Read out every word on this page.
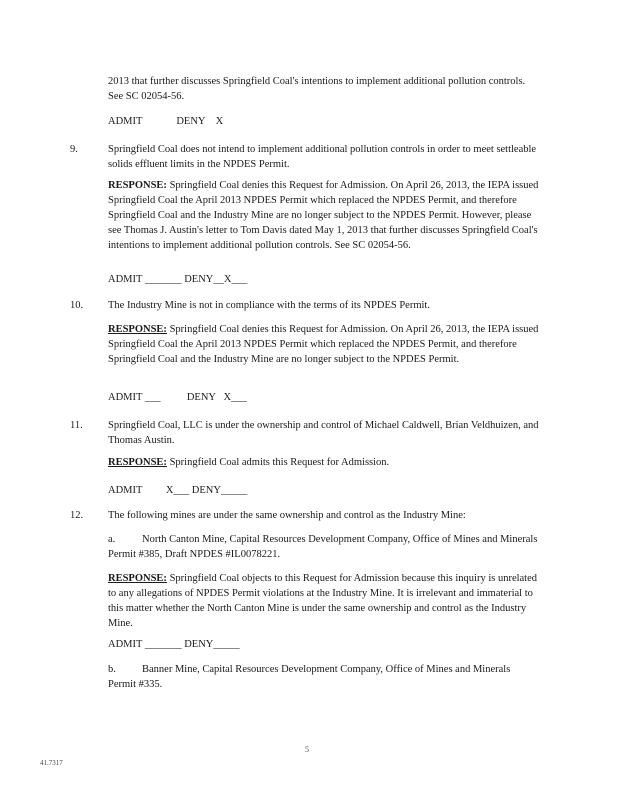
2013 that further discusses Springfield Coal's intentions to implement additional pollution controls. See SC 02054-56.

ADMIT             DENY    X

9.	Springfield Coal does not intend to implement additional pollution controls in order to meet settleable solids effluent limits in the NPDES Permit.

RESPONSE: Springfield Coal denies this Request for Admission. On April 26, 2013, the IEPA issued Springfield Coal the April 2013 NPDES Permit which replaced the NPDES Permit, and therefore Springfield Coal and the Industry Mine are no longer subject to the NPDES Permit. However, please see Thomas J. Austin's letter to Tom Davis dated May 1, 2013 that further discusses Springfield Coal's intentions to implement additional pollution controls. See SC 02054-56.

ADMIT _______ DENY__X___

10. The Industry Mine is not in compliance with the terms of its NPDES Permit.

RESPONSE: Springfield Coal denies this Request for Admission. On April 26, 2013, the IEPA issued Springfield Coal the April 2013 NPDES Permit which replaced the NPDES Permit, and therefore Springfield Coal and the Industry Mine are no longer subject to the NPDES Permit.

ADMIT ___          DENY   X___

11. Springfield Coal, LLC is under the ownership and control of Michael Caldwell, Brian Veldhuizen, and Thomas Austin.

RESPONSE: Springfield Coal admits this Request for Admission.

ADMIT         X___ DENY_____

12. The following mines are under the same ownership and control as the Industry Mine:

a.	North Canton Mine, Capital Resources Development Company, Office of Mines and Minerals Permit #385, Draft NPDES #IL0078221.

RESPONSE: Springfield Coal objects to this Request for Admission because this inquiry is unrelated to any allegations of NPDES Permit violations at the Industry Mine. It is irrelevant and immaterial to this matter whether the North Canton Mine is under the same ownership and control as the Industry Mine.

ADMIT _______ DENY_____

b. Banner Mine, Capital Resources Development Company, Office of Mines and Minerals Permit #335.

5

41.7317
